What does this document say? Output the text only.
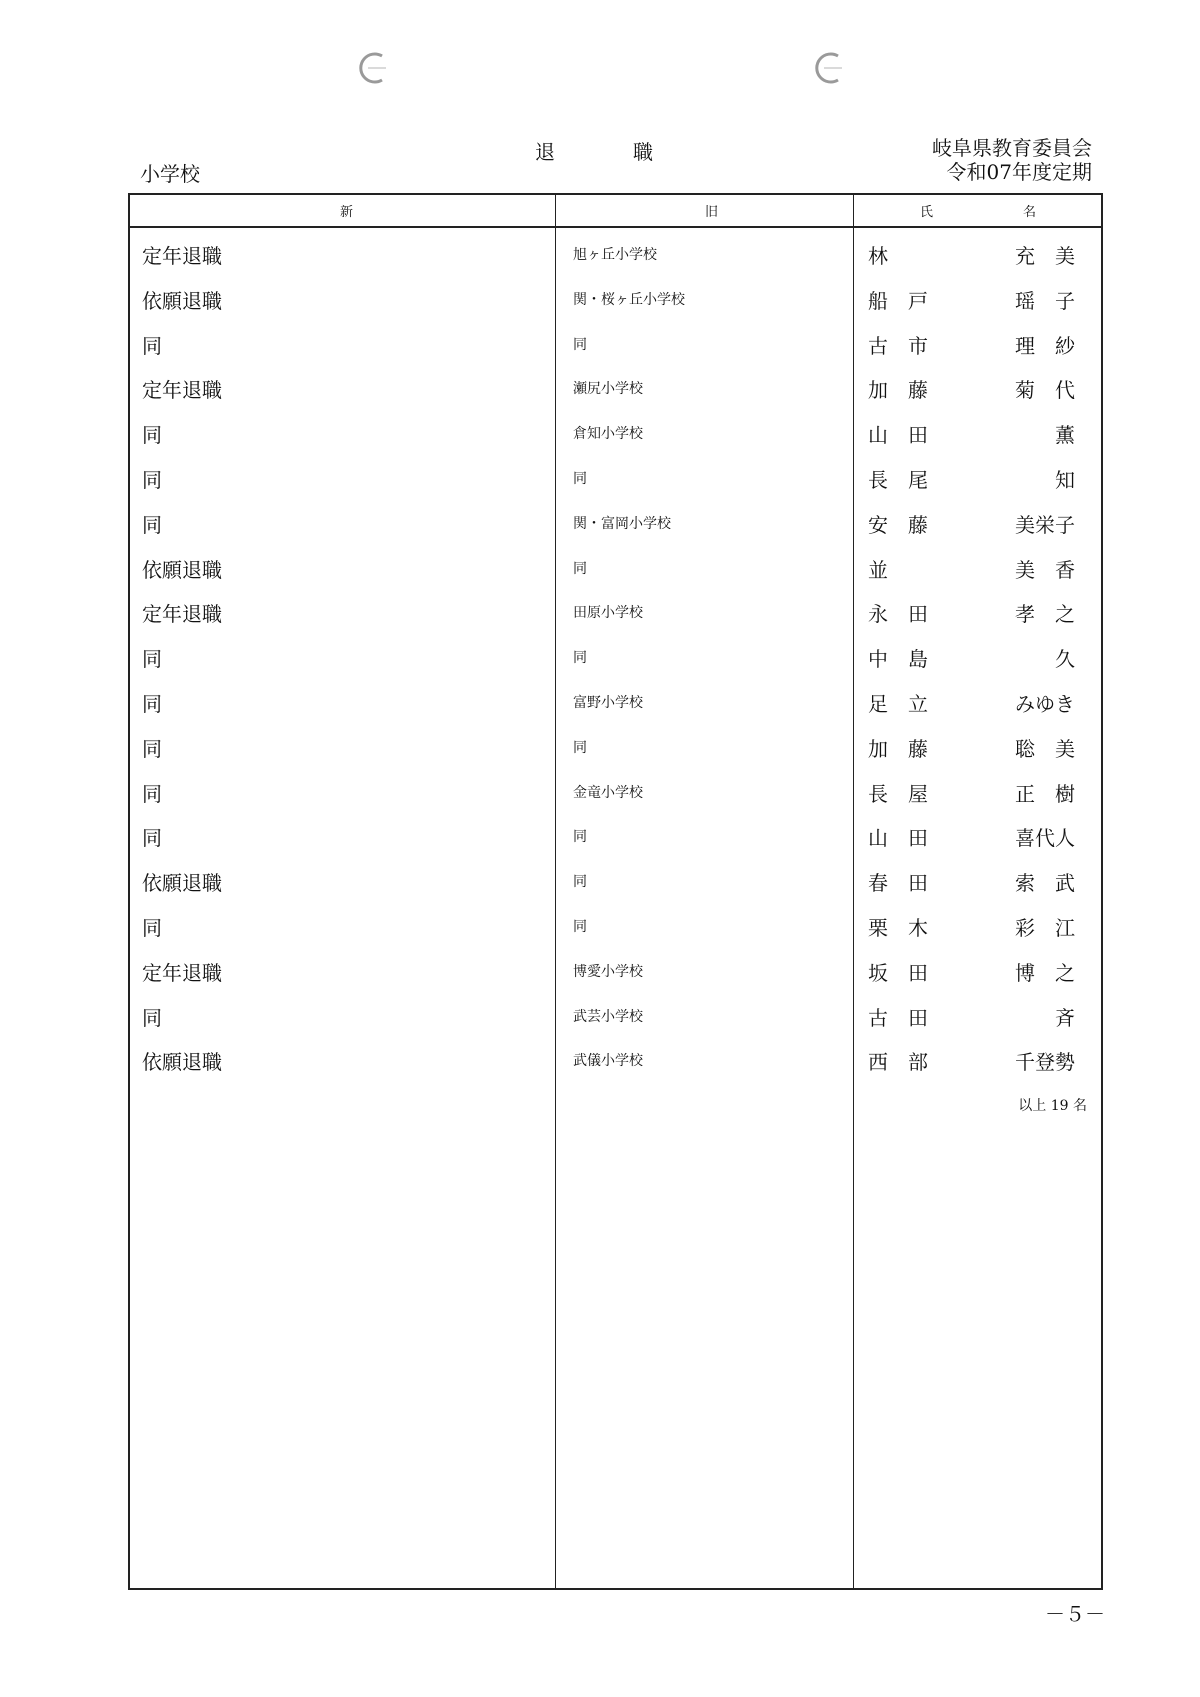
退	職
小学校
岐阜県教育委員会
令和07年度定期
新	旧	氏	名
定年退職	旭ヶ丘小学校	林	充美
依願退職	関・桜ヶ丘小学校	船戸	瑶子
同	同	古市	理紗
定年退職	瀬尻小学校	加藤	菊代
同	倉知小学校	山田	薫
同	同	長尾	知
同	関・富岡小学校	安藤	美栄子
依願退職	同	並	美香
定年退職	田原小学校	永田	孝之
同	同	中島	久
同	富野小学校	足立	みゆき
同	同	加藤	聡美
同	金竜小学校	長屋	正樹
同	同	山田	喜代人
依願退職	同	春田	索武
同	同	栗木	彩江
定年退職	博愛小学校	坂田	博之
同	武芸小学校	古田	斉
依願退職	武儀小学校	西部	千登勢
以上 19 名
－５－
